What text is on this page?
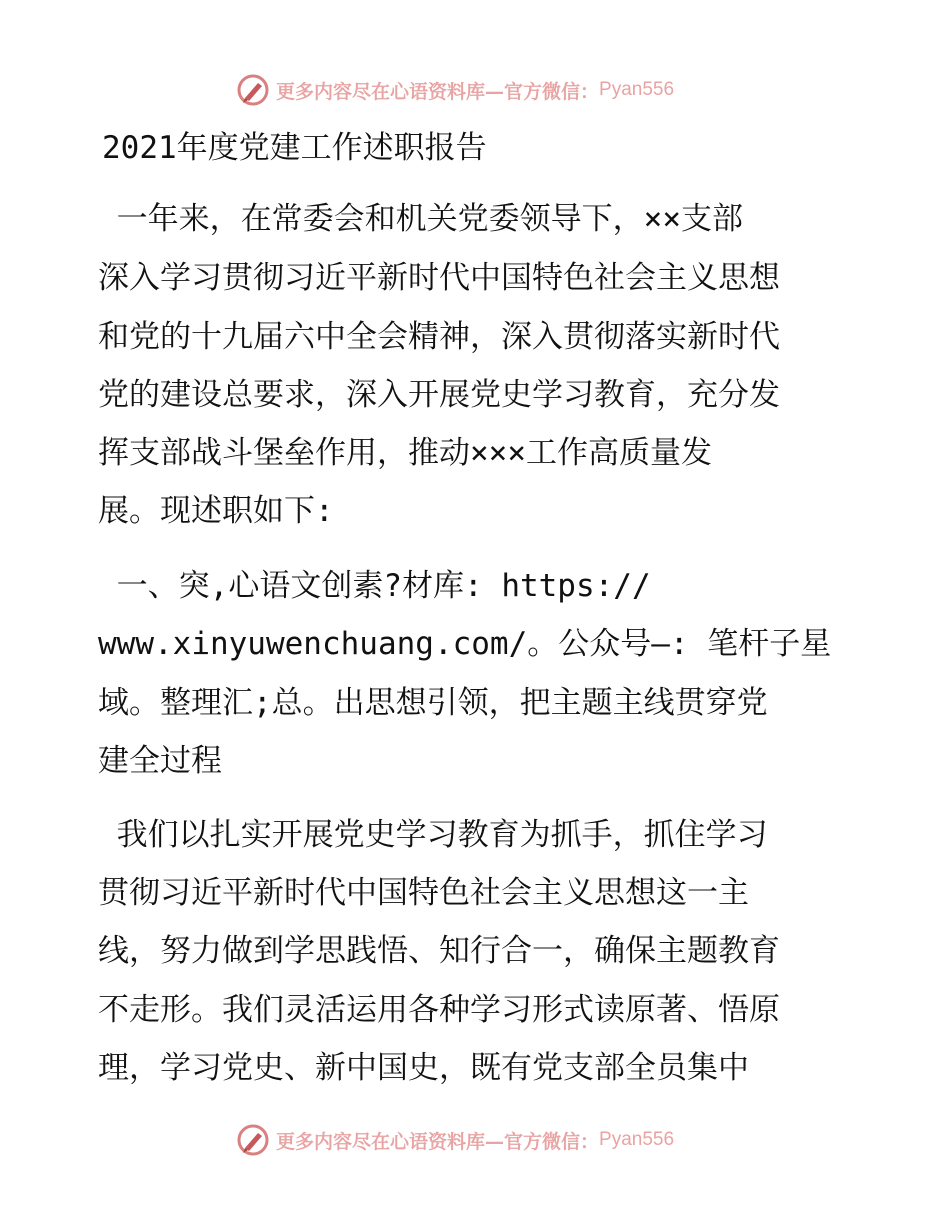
更多内容尽在心语资料库—官方微信： Pyan556
2021年度党建工作述职报告
一年来，在常委会和机关党委领导下，××支部
深入学习贯彻习近平新时代中国特色社会主义思想
和党的十九届六中全会精神，深入贯彻落实新时代
党的建设总要求，深入开展党史学习教育，充分发
挥支部战斗堡垒作用，推动×××工作高质量发
展。现述职如下:
一、突,心语文创素?材库: https://
www.xinyuwenchuang.com/。公众号—: 笔杆子星
域。整理汇;总。出思想引领，把主题主线贯穿党
建全过程
我们以扎实开展党史学习教育为抓手，抓住学习
贯彻习近平新时代中国特色社会主义思想这一主
线，努力做到学思践悟、知行合一，确保主题教育
不走形。我们灵活运用各种学习形式读原著、悟原
理，学习党史、新中国史，既有党支部全员集中
更多内容尽在心语资料库—官方微信： Pyan556
